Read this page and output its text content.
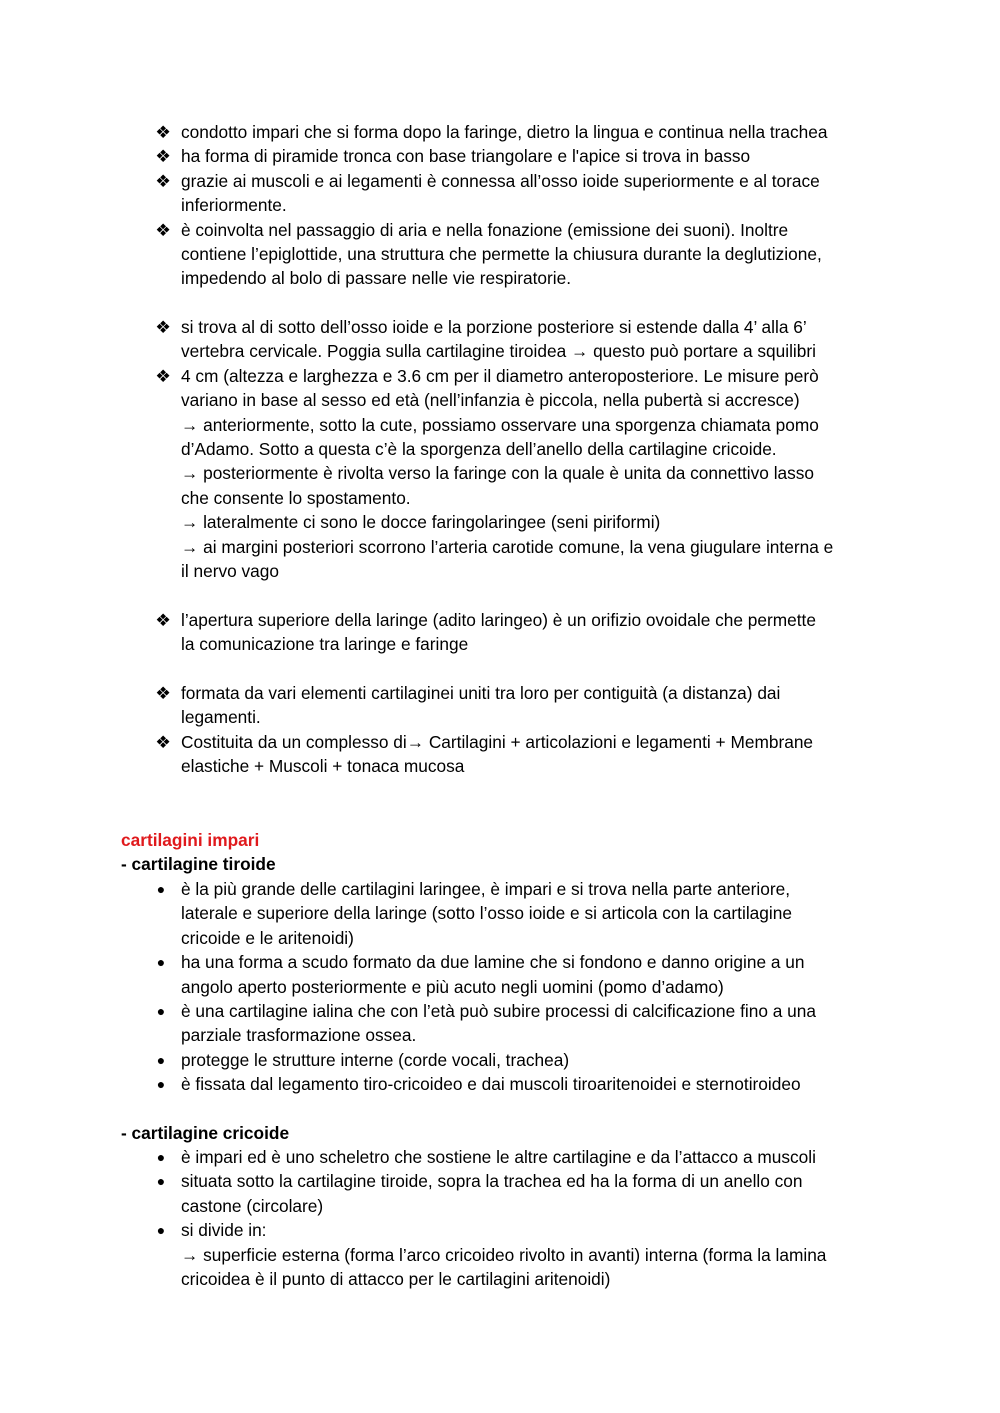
❖ condotto impari che si forma dopo la faringe, dietro la lingua e continua nella trachea
❖ ha forma di piramide tronca con base triangolare e l'apice si trova in basso
❖ grazie ai muscoli e ai legamenti è connessa all’osso ioide superiormente e al torace
inferiormente.
❖ è coinvolta nel passaggio di aria e nella fonazione (emissione dei suoni). Inoltre
contiene l’epiglottide, una struttura che permette la chiusura durante la deglutizione,
impedendo al bolo di passare nelle vie respiratorie.
❖ si trova al di sotto dell’osso ioide e la porzione posteriore si estende dalla 4’ alla 6’
vertebra cervicale. Poggia sulla cartilagine tiroidea → questo può portare a squilibri
❖ 4 cm (altezza e larghezza e 3.6 cm per il diametro anteroposteriore. Le misure però
variano in base al sesso ed età (nell’infanzia è piccola, nella pubertà si accresce)
→ anteriormente, sotto la cute, possiamo osservare una sporgenza chiamata pomo
d’Adamo. Sotto a questa c’è la sporgenza dell’anello della cartilagine cricoide.
→ posteriormente è rivolta verso la faringe con la quale è unita da connettivo lasso
che consente lo spostamento.
→ lateralmente ci sono le docce faringolaringee (seni piriformi)
→ ai margini posteriori scorrono l’arteria carotide comune, la vena giugulare interna e
il nervo vago
❖ l’apertura superiore della laringe (adito laringeo) è un orifizio ovoidale che permette
la comunicazione tra laringe e faringe
❖ formata da vari elementi cartilaginei uniti tra loro per contiguità (a distanza) dai
legamenti.
❖ Costituita da un complesso di→ Cartilagini + articolazioni e legamenti + Membrane
elastiche + Muscoli + tonaca mucosa
cartilagini impari
- cartilagine tiroide
● è la più grande delle cartilagini laringee, è impari e si trova nella parte anteriore,
laterale e superiore della laringe (sotto l’osso ioide e si articola con la cartilagine
cricoide e le aritenoidi)
● ha una forma a scudo formato da due lamine che si fondono e danno origine a un
angolo aperto posteriormente e più acuto negli uomini (pomo d’adamo)
● è una cartilagine ialina che con l’età può subire processi di calcificazione fino a una
parziale trasformazione ossea.
● protegge le strutture interne (corde vocali, trachea)
● è fissata dal legamento tiro-cricoideo e dai muscoli tiroaritenoidei e sternotiroideo
- cartilagine cricoide
● è impari ed è uno scheletro che sostiene le altre cartilagine e da l’attacco a muscoli
● situata sotto la cartilagine tiroide, sopra la trachea ed ha la forma di un anello con
castone (circolare)
● si divide in:
→ superficie esterna (forma l’arco cricoideo rivolto in avanti) interna (forma la lamina
cricoidea è il punto di attacco per le cartilagini aritenoidi)
